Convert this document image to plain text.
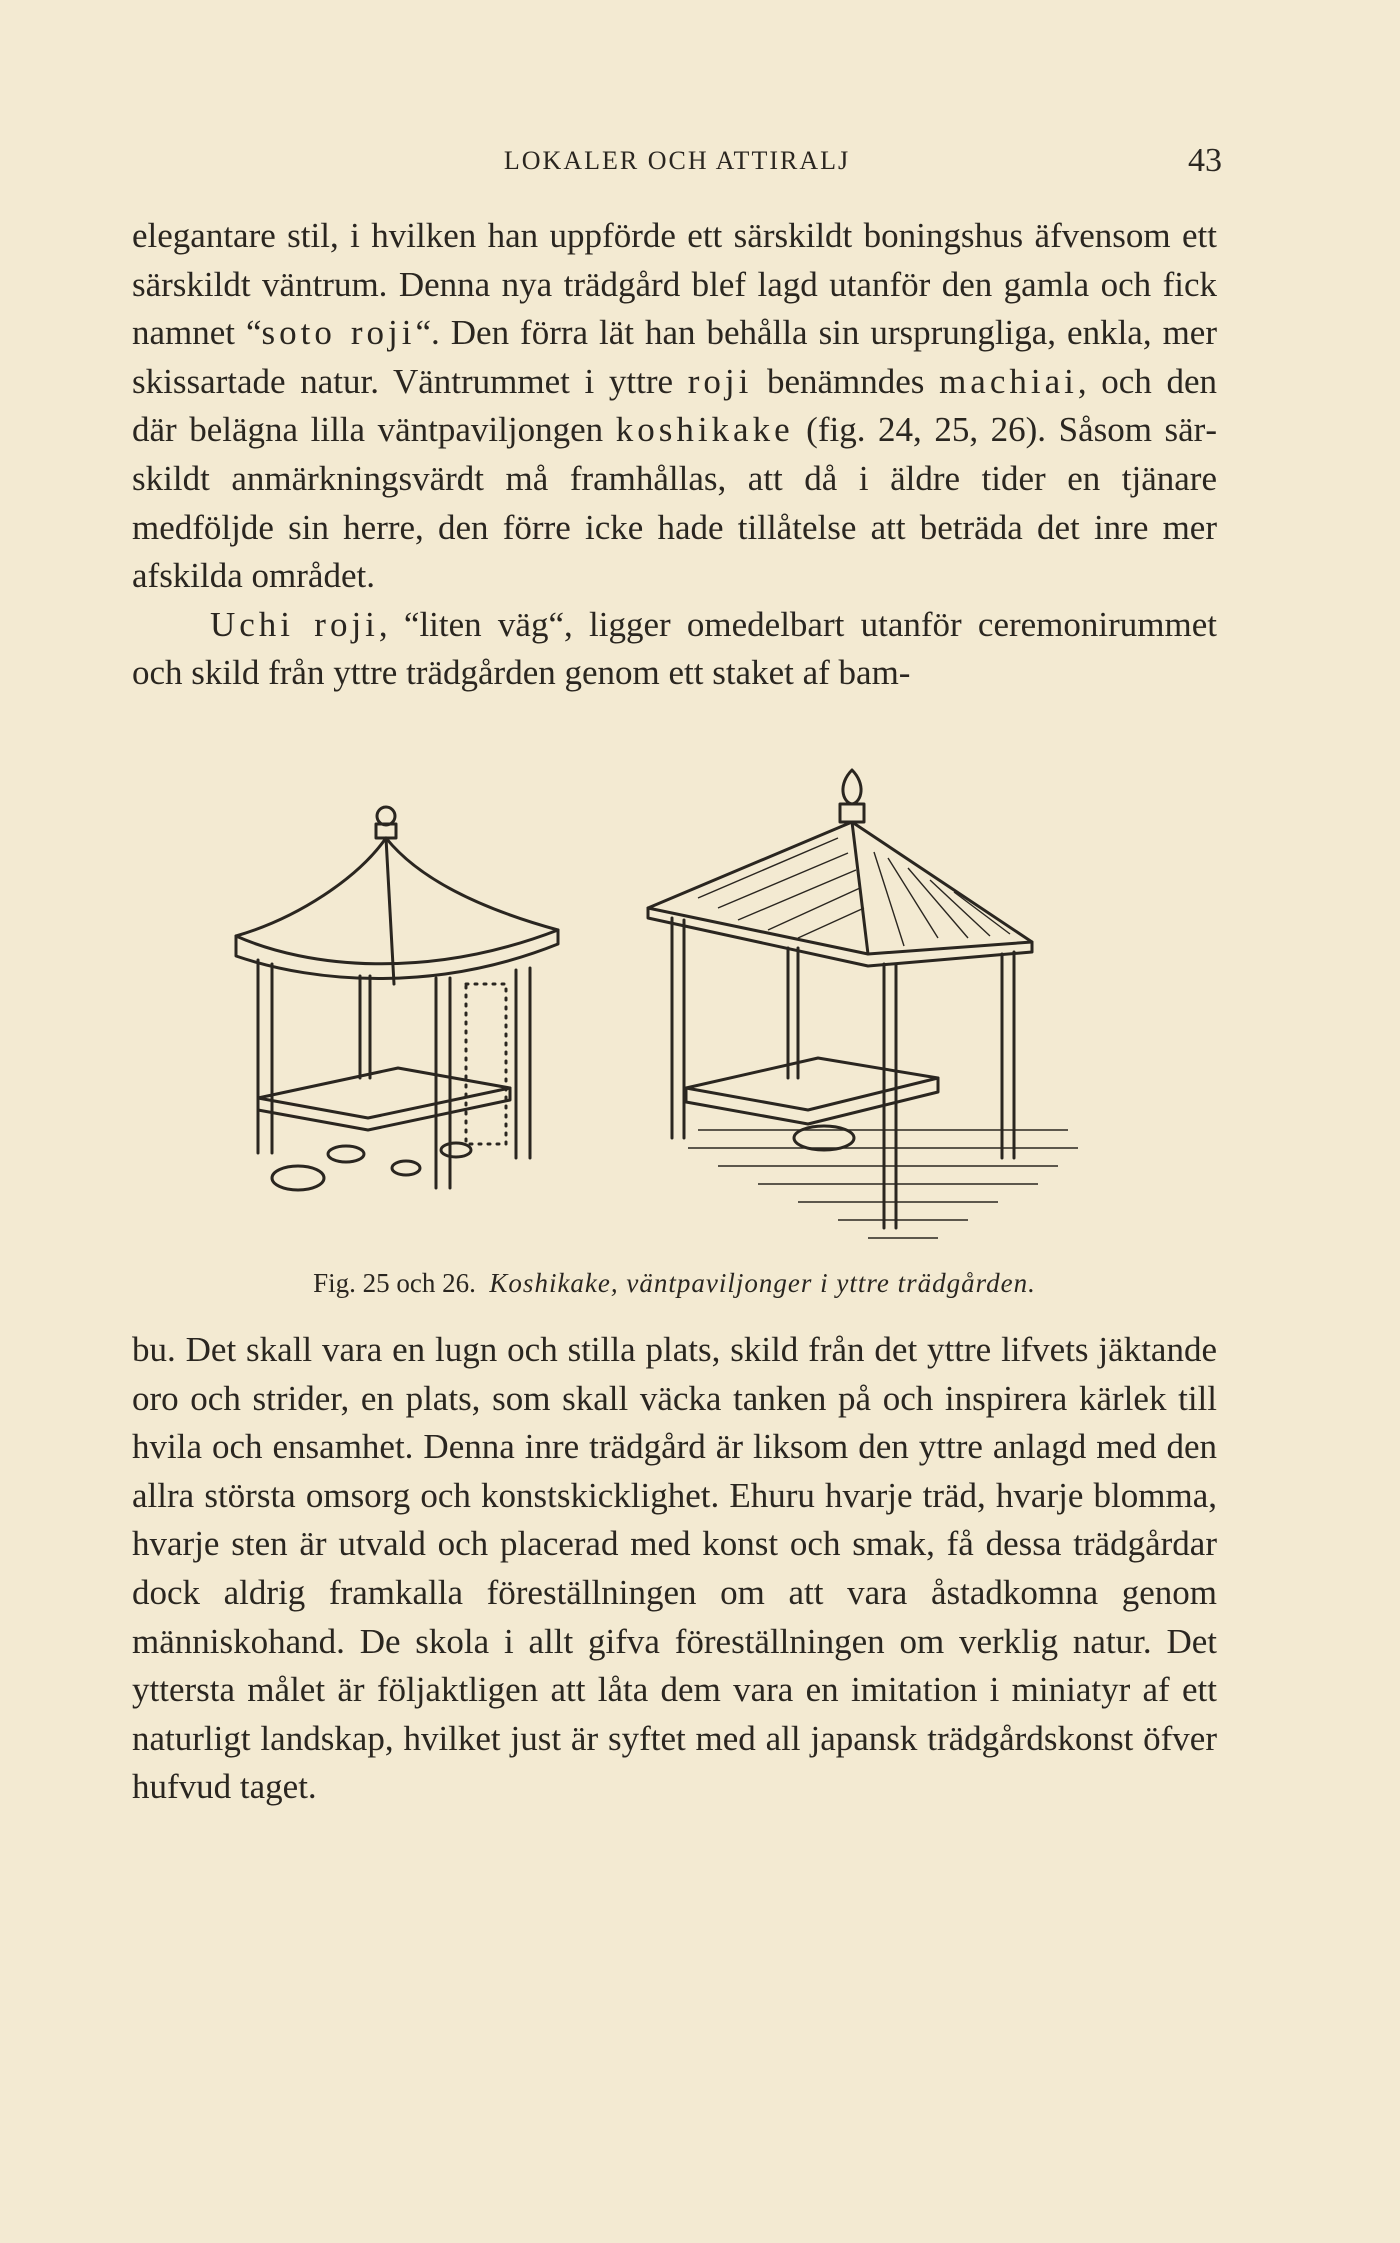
LOKALER OCH ATTIRALJ	43

elegantare stil, i hvilken han uppförde ett särskildt boningshus äfvensom ett särskildt väntrum. Denna nya trädgård blef lagd utanför den gamla och fick namnet “soto roji“. Den förra lät han behålla sin ursprungliga, enkla, mer skissartade natur. Väntrummet i yttre roji benämndes machiai, och den där belägna lilla väntpaviljongen koshikake (fig. 24, 25, 26). Såsom särskildt anmärkningsvärdt må framhållas, att då i äldre tider en tjänare medföljde sin herre, den förre icke hade tillåtelse att beträda det inre mer afskilda området.

Uchi roji, “liten väg“, ligger omedelbart utanför ceremonirummet och skild från yttre trädgården genom ett staket af bam-

Fig. 25 och 26. Koshikake, väntpaviljonger i yttre trädgården.

bu. Det skall vara en lugn och stilla plats, skild från det yttre lifvets jäktande oro och strider, en plats, som skall väcka tanken på och inspirera kärlek till hvila och ensamhet. Denna inre trädgård är liksom den yttre anlagd med den allra största omsorg och konstskicklighet. Ehuru hvarje träd, hvarje blomma, hvarje sten är utvald och placerad med konst och smak, få dessa trädgårdar dock aldrig framkalla föreställningen om att vara åstadkomna genom människohand. De skola i allt gifva föreställningen om verklig natur. Det yttersta målet är följaktligen att låta dem vara en imitation i miniatyr af ett naturligt landskap, hvilket just är syftet med all japansk trädgårdskonst öfver hufvud taget.
